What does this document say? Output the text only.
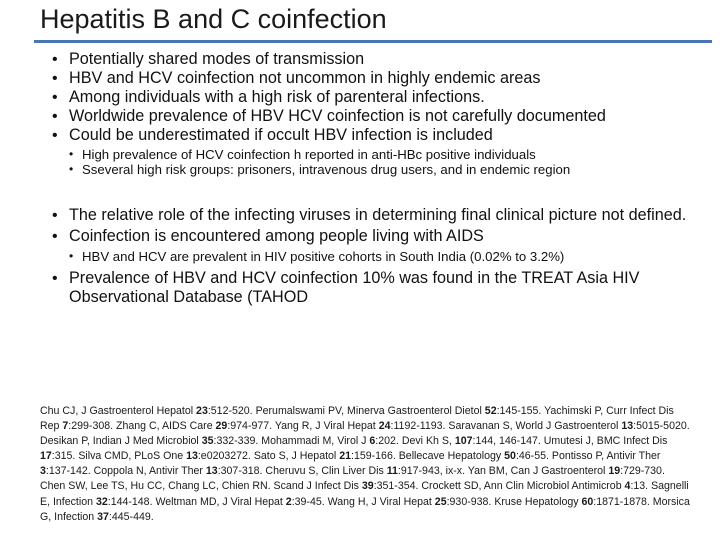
Hepatitis B and C coinfection
• Potentially shared modes of transmission
• HBV and HCV coinfection not uncommon in highly endemic areas
• Among individuals with a high risk of parenteral infections.
• Worldwide prevalence of HBV HCV coinfection is not carefully documented
• Could be underestimated if occult HBV infection is included
• High prevalence of HCV coinfection h reported in anti-HBc positive individuals
• Sseveral high risk groups: prisoners, intravenous drug users, and in endemic region
• The relative role of the infecting viruses in determining final clinical picture not defined.
• Coinfection is encountered among people living with AIDS
• HBV and HCV are prevalent in HIV positive cohorts in South India (0.02% to 3.2%)
• Prevalence of HBV and HCV coinfection 10% was found in the TREAT Asia HIV Observational Database (TAHOD
Chu CJ, J Gastroenterol Hepatol 23:512-520. Perumalswami PV, Minerva Gastroenterol Dietol 52:145-155. Yachimski P, Curr Infect Dis Rep 7:299-308. Zhang C, AIDS Care 29:974-977. Yang R, J Viral Hepat 24:1192-1193. Saravanan S, World J Gastroenterol 13:5015-5020. Desikan P, Indian J Med Microbiol 35:332-339. Mohammadi M, Virol J 6:202. Devi Kh S, 107:144, 146-147. Umutesi J, BMC Infect Dis 17:315. Silva CMD, PLoS One 13:e0203272. Sato S, J Hepatol 21:159-166. Bellecave Hepatology 50:46-55. Pontisso P, Antivir Ther 3:137-142. Coppola N, Antivir Ther 13:307-318. Cheruvu S, Clin Liver Dis 11:917-943, ix-x. Yan BM, Can J Gastroenterol 19:729-730. Chen SW, Lee TS, Hu CC, Chang LC, Chien RN. Scand J Infect Dis 39:351-354. Crockett SD, Ann Clin Microbiol Antimicrob 4:13. Sagnelli E, Infection 32:144-148. Weltman MD, J Viral Hepat 2:39-45. Wang H, J Viral Hepat 25:930-938. Kruse Hepatology 60:1871-1878. Morsica G, Infection 37:445-449.
